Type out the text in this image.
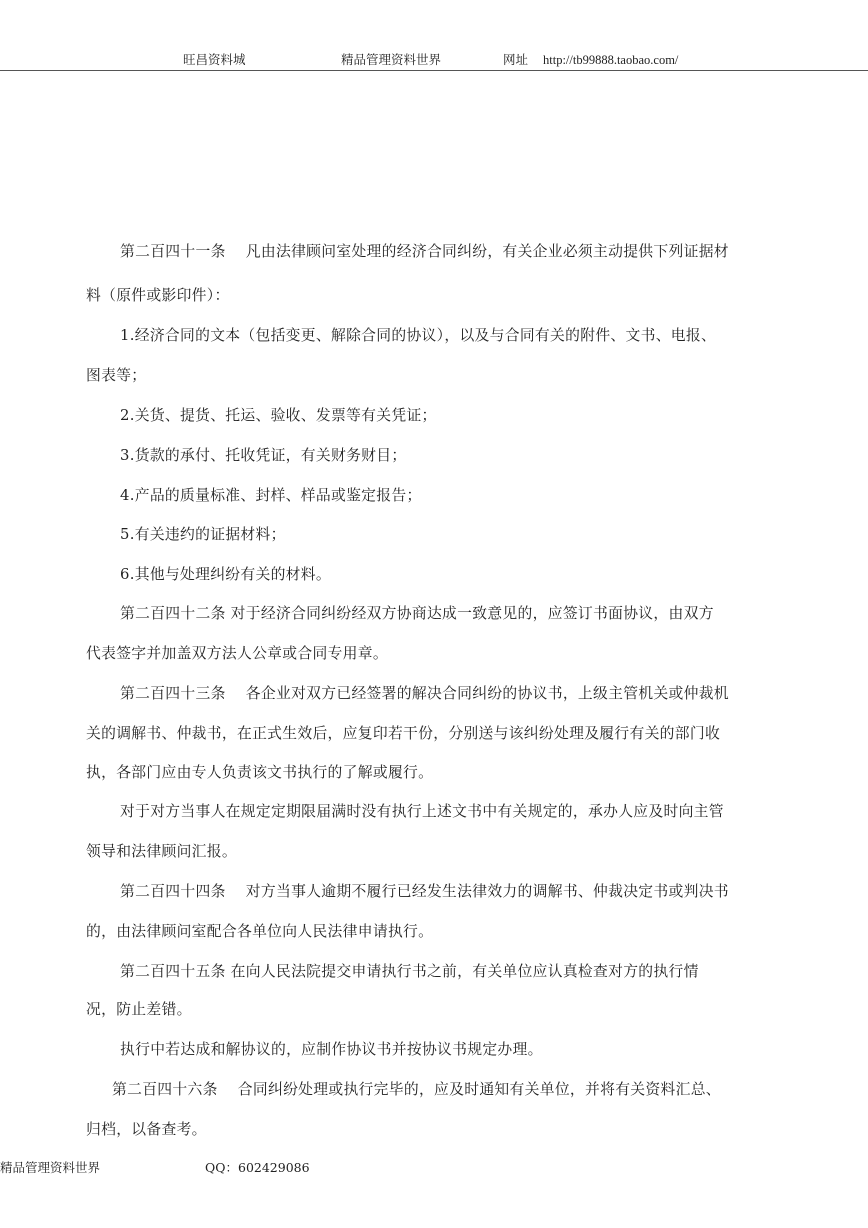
旺昌资料城	精品管理资料世界	网址 http://tb99888.taobao.com/
第二百四十一条　 凡由法律顾问室处理的经济合同纠纷，有关企业必须主动提供下列证据材
料（原件或影印件）：
1.经济合同的文本（包括变更、解除合同的协议），以及与合同有关的附件、文书、电报、
图表等；
2.关货、提货、托运、验收、发票等有关凭证；
3.货款的承付、托收凭证，有关财务财目；
4.产品的质量标准、封样、样品或鉴定报告；
5.有关违约的证据材料；
6.其他与处理纠纷有关的材料。
第二百四十二条 对于经济合同纠纷经双方协商达成一致意见的，应签订书面协议，由双方
代表签字并加盖双方法人公章或合同专用章。
第二百四十三条　 各企业对双方已经签署的解决合同纠纷的协议书，上级主管机关或仲裁机
关的调解书、仲裁书，在正式生效后，应复印若干份，分别送与该纠纷处理及履行有关的部门收
执，各部门应由专人负责该文书执行的了解或履行。
对于对方当事人在规定定期限届满时没有执行上述文书中有关规定的，承办人应及时向主管
领导和法律顾问汇报。
第二百四十四条　 对方当事人逾期不履行已经发生法律效力的调解书、仲裁决定书或判决书
的，由法律顾问室配合各单位向人民法律申请执行。
第二百四十五条 在向人民法院提交申请执行书之前，有关单位应认真检查对方的执行情
况，防止差错。
执行中若达成和解协议的，应制作协议书并按协议书规定办理。
第二百四十六条　 合同纠纷处理或执行完毕的，应及时通知有关单位，并将有关资料汇总、
归档，以备查考。
精品管理资料世界	QQ：602429086
